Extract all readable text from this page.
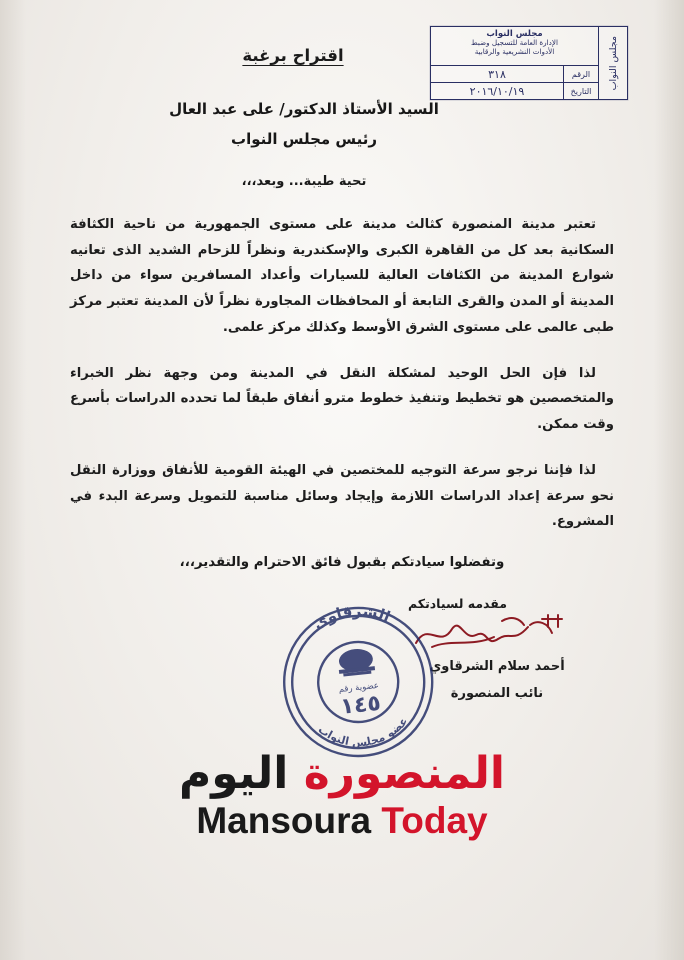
مجلس النواب
مجلس النواب
الإدارة العامة للتسجيل وضبط
الأدوات النشريعية والرقابية
الرقم
٣١٨
التاريخ
٢٠١٦/١٠/١٩
اقتراح برغبة
السيد الأستاذ الدكتور/ على عبد العال
رئيس مجلس النواب
تحية طيبة... وبعد،،،

تعتبر مدينة المنصورة كثالث مدينة على مستوى الجمهورية من ناحية الكثافة السكانية بعد كل من القاهرة الكبرى والإسكندرية ونظراً للزحام الشديد الذى تعانيه شوارع المدينة من الكثافات العالية للسيارات وأعداد المسافرين سواء من داخل المدينة أو المدن والقرى التابعة أو المحافظات المجاورة نظراً لأن المدينة تعتبر مركز طبى عالمى على مستوى الشرق الأوسط وكذلك مركز علمى.

لذا فإن الحل الوحيد لمشكلة النقل في المدينة ومن وجهة نظر الخبراء والمتخصصين هو تخطيط وتنفيذ خطوط مترو أنفاق طبقاً لما تحدده الدراسات بأسرع وقت ممكن.

لذا فإننا نرجو سرعة التوجيه للمختصين في الهيئة القومية للأنفاق ووزارة النقل نحو سرعة إعداد الدراسات اللازمة وإيجاد وسائل مناسبة للتمويل وسرعة البدء في المشروع.

وتفضلوا سيادتكم بقبول فائق الاحترام والتقدير،،،
مقدمه لسيادتكم
أحمد سلام الشرقاوي
نائب المنصورة
الشرقاوى
عضو مجلس النواب
عضوية رقم
١٤٥
المنصورة اليوم
Mansoura Today
